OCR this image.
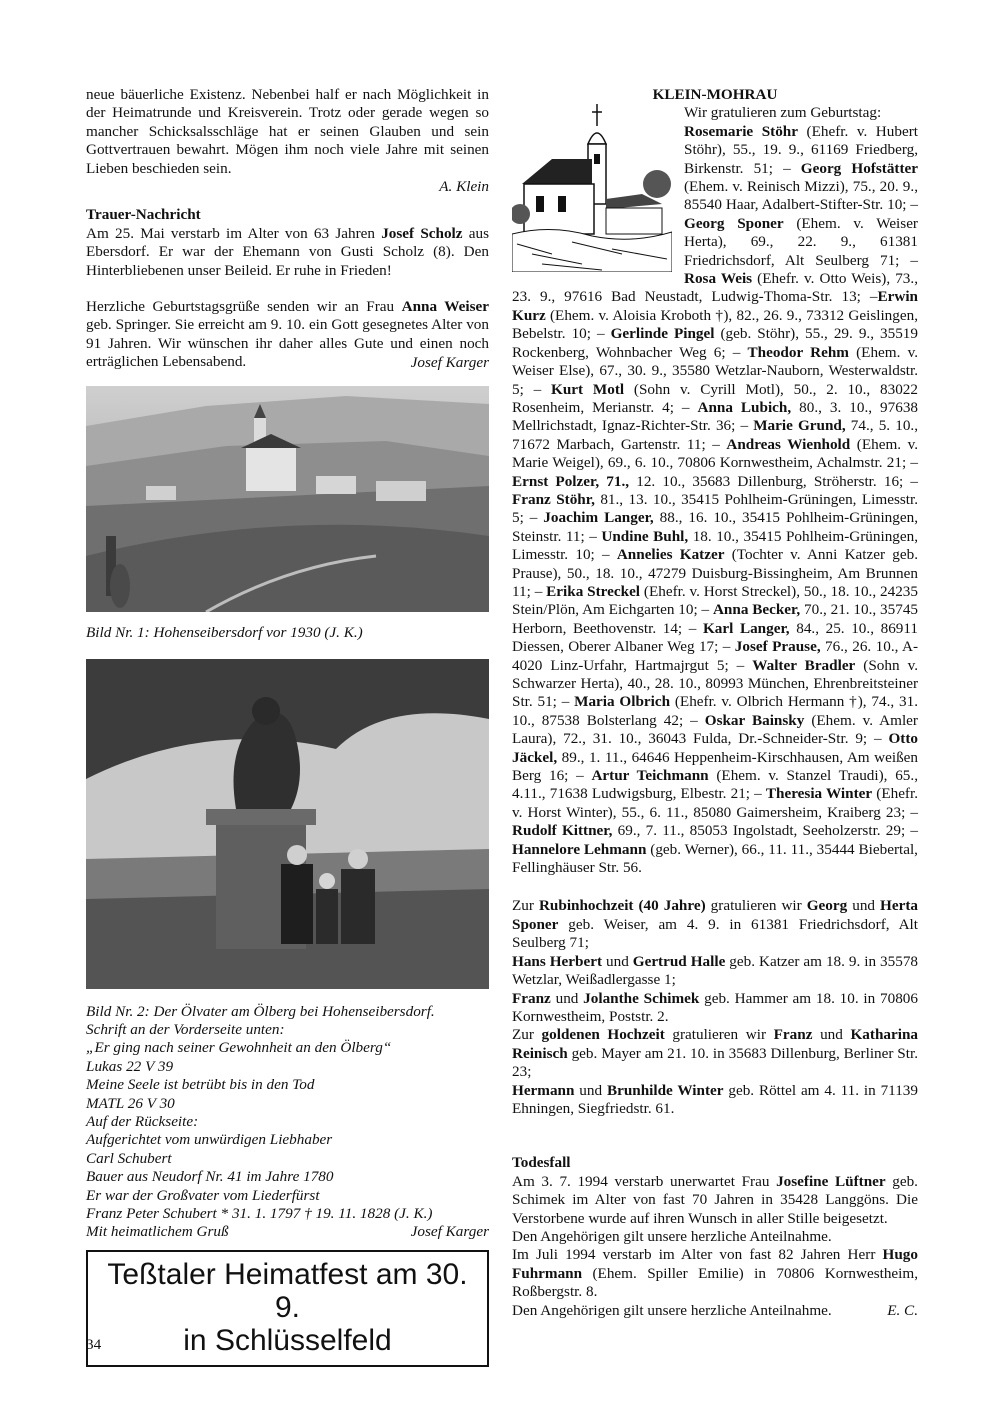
neue bäuerliche Existenz. Nebenbei half er nach Möglichkeit in der Heimatrunde und Kreisverein. Trotz oder gerade wegen so mancher Schicksalsschläge hat er seinen Glauben und sein Gottvertrauen bewahrt. Mögen ihm noch viele Jahre mit seinen Lieben beschieden sein.

A. Klein

Trauer-Nachricht

Am 25. Mai verstarb im Alter von 63 Jahren Josef Scholz aus Ebersdorf. Er war der Ehemann von Gusti Scholz (8). Den Hinterbliebenen unser Beileid. Er ruhe in Frieden!

Herzliche Geburtstagsgrüße senden wir an Frau Anna Weiser geb. Springer. Sie erreicht am 9. 10. ein Gott gesegnetes Alter von 91 Jahren. Wir wünschen ihr daher alles Gute und einen noch erträglichen Lebensabend.	Josef Karger

Bild Nr. 1: Hohenseibersdorf vor 1930 (J. K.)

Bild Nr. 2: Der Ölvater am Ölberg bei Hohenseibersdorf.

Schrift an der Vorderseite unten:

„Er ging nach seiner Gewohnheit an den Ölberg“

Lukas 22 V 39

Meine Seele ist betrübt bis in den Tod

MATL 26 V 30

Auf der Rückseite:

Aufgerichtet vom unwürdigen Liebhaber

Carl Schubert

Bauer aus Neudorf Nr. 41 im Jahre 1780

Er war der Großvater vom Liederfürst

Franz Peter Schubert * 31. 1. 1797 † 19. 11. 1828 (J. K.)

Mit heimatlichem Gruß	Josef Karger

Teßtaler Heimatfest am 30. 9.
in Schlüsselfeld

KLEIN-MOHRAU

Wir gratulieren zum Geburtstag:

Rosemarie Stöhr (Ehefr. v. Hubert Stöhr), 55., 19. 9., 61169 Friedberg, Birkenstr. 51; – Georg Hofstätter (Ehem. v. Reinisch Mizzi), 75., 20. 9., 85540 Haar, Adalbert-Stifter-Str. 10; – Georg Sponer (Ehem. v. Weiser Herta), 69., 22. 9., 61381 Friedrichsdorf, Alt Seulberg 71; – Rosa Weis (Ehefr. v. Otto Weis), 73., 23. 9., 97616 Bad Neustadt, Ludwig-Thoma-Str. 13; –Erwin Kurz (Ehem. v. Aloisia Kroboth †), 82., 26. 9., 73312 Geislingen, Bebelstr. 10; – Gerlinde Pingel (geb. Stöhr), 55., 29. 9., 35519 Rockenberg, Wohnbacher Weg 6; – Theodor Rehm (Ehem. v. Weiser Else), 67., 30. 9., 35580 Wetzlar-Nauborn, Westerwaldstr. 5; – Kurt Motl (Sohn v. Cyrill Motl), 50., 2. 10., 83022 Rosenheim, Merianstr. 4; – Anna Lubich, 80., 3. 10., 97638 Mellrichstadt, Ignaz-Richter-Str. 36; – Marie Grund, 74., 5. 10., 71672 Marbach, Gartenstr. 11; – Andreas Wienhold (Ehem. v. Marie Weigel), 69., 6. 10., 70806 Kornwestheim, Achalmstr. 21; – Ernst Polzer, 71., 12. 10., 35683 Dillenburg, Ströherstr. 16; – Franz Stöhr, 81., 13. 10., 35415 Pohlheim-Grüningen, Limesstr. 5; – Joachim Langer, 88., 16. 10., 35415 Pohlheim-Grüningen, Steinstr. 11; – Undine Buhl, 18. 10., 35415 Pohlheim-Grüningen, Limesstr. 10; – Annelies Katzer (Tochter v. Anni Katzer geb. Prause), 50., 18. 10., 47279 Duisburg-Bissingheim, Am Brunnen 11; – Erika Streckel (Ehefr. v. Horst Streckel), 50., 18. 10., 24235 Stein/Plön, Am Eichgarten 10; – Anna Becker, 70., 21. 10., 35745 Herborn, Beethovenstr. 14; – Karl Langer, 84., 25. 10., 86911 Diessen, Oberer Albaner Weg 17; – Josef Prause, 76., 26. 10., A-4020 Linz-Urfahr, Hartmajrgut 5; – Walter Bradler (Sohn v. Schwarzer Herta), 40., 28. 10., 80993 München, Ehrenbreitsteiner Str. 51; – Maria Olbrich (Ehefr. v. Olbrich Hermann †), 74., 31. 10., 87538 Bolsterlang 42; – Oskar Bainsky (Ehem. v. Amler Laura), 72., 31. 10., 36043 Fulda, Dr.-Schneider-Str. 9; – Otto Jäckel, 89., 1. 11., 64646 Heppenheim-Kirschhausen, Am weißen Berg 16; – Artur Teichmann (Ehem. v. Stanzel Traudi), 65., 4.11., 71638 Ludwigsburg, Elbestr. 21; – Theresia Winter (Ehefr. v. Horst Winter), 55., 6. 11., 85080 Gaimersheim, Kraiberg 23; – Rudolf Kittner, 69., 7. 11., 85053 Ingolstadt, Seeholzerstr. 29; – Hannelore Lehmann (geb. Werner), 66., 11. 11., 35444 Biebertal, Fellinghäuser Str. 56.

Zur Rubinhochzeit (40 Jahre) gratulieren wir Georg und Herta Sponer geb. Weiser, am 4. 9. in 61381 Friedrichsdorf, Alt Seulberg 71;

Hans Herbert und Gertrud Halle geb. Katzer am 18. 9. in 35578 Wetzlar, Weißadlergasse 1;

Franz und Jolanthe Schimek geb. Hammer am 18. 10. in 70806 Kornwestheim, Poststr. 2.

Zur goldenen Hochzeit gratulieren wir Franz und Katharina Reinisch geb. Mayer am 21. 10. in 35683 Dillenburg, Berliner Str. 23;

Hermann und Brunhilde Winter geb. Röttel am 4. 11. in 71139 Ehningen, Siegfriedstr. 61.

Todesfall

Am 3. 7. 1994 verstarb unerwartet Frau Josefine Lüftner geb. Schimek im Alter von fast 70 Jahren in 35428 Langgöns. Die Verstorbene wurde auf ihren Wunsch in aller Stille beigesetzt.

Den Angehörigen gilt unsere herzliche Anteilnahme.

Im Juli 1994 verstarb im Alter von fast 82 Jahren Herr Hugo Fuhrmann (Ehem. Spiller Emilie) in 70806 Kornwestheim, Roßbergstr. 8.

Den Angehörigen gilt unsere herzliche Anteilnahme.	E. C.

34
